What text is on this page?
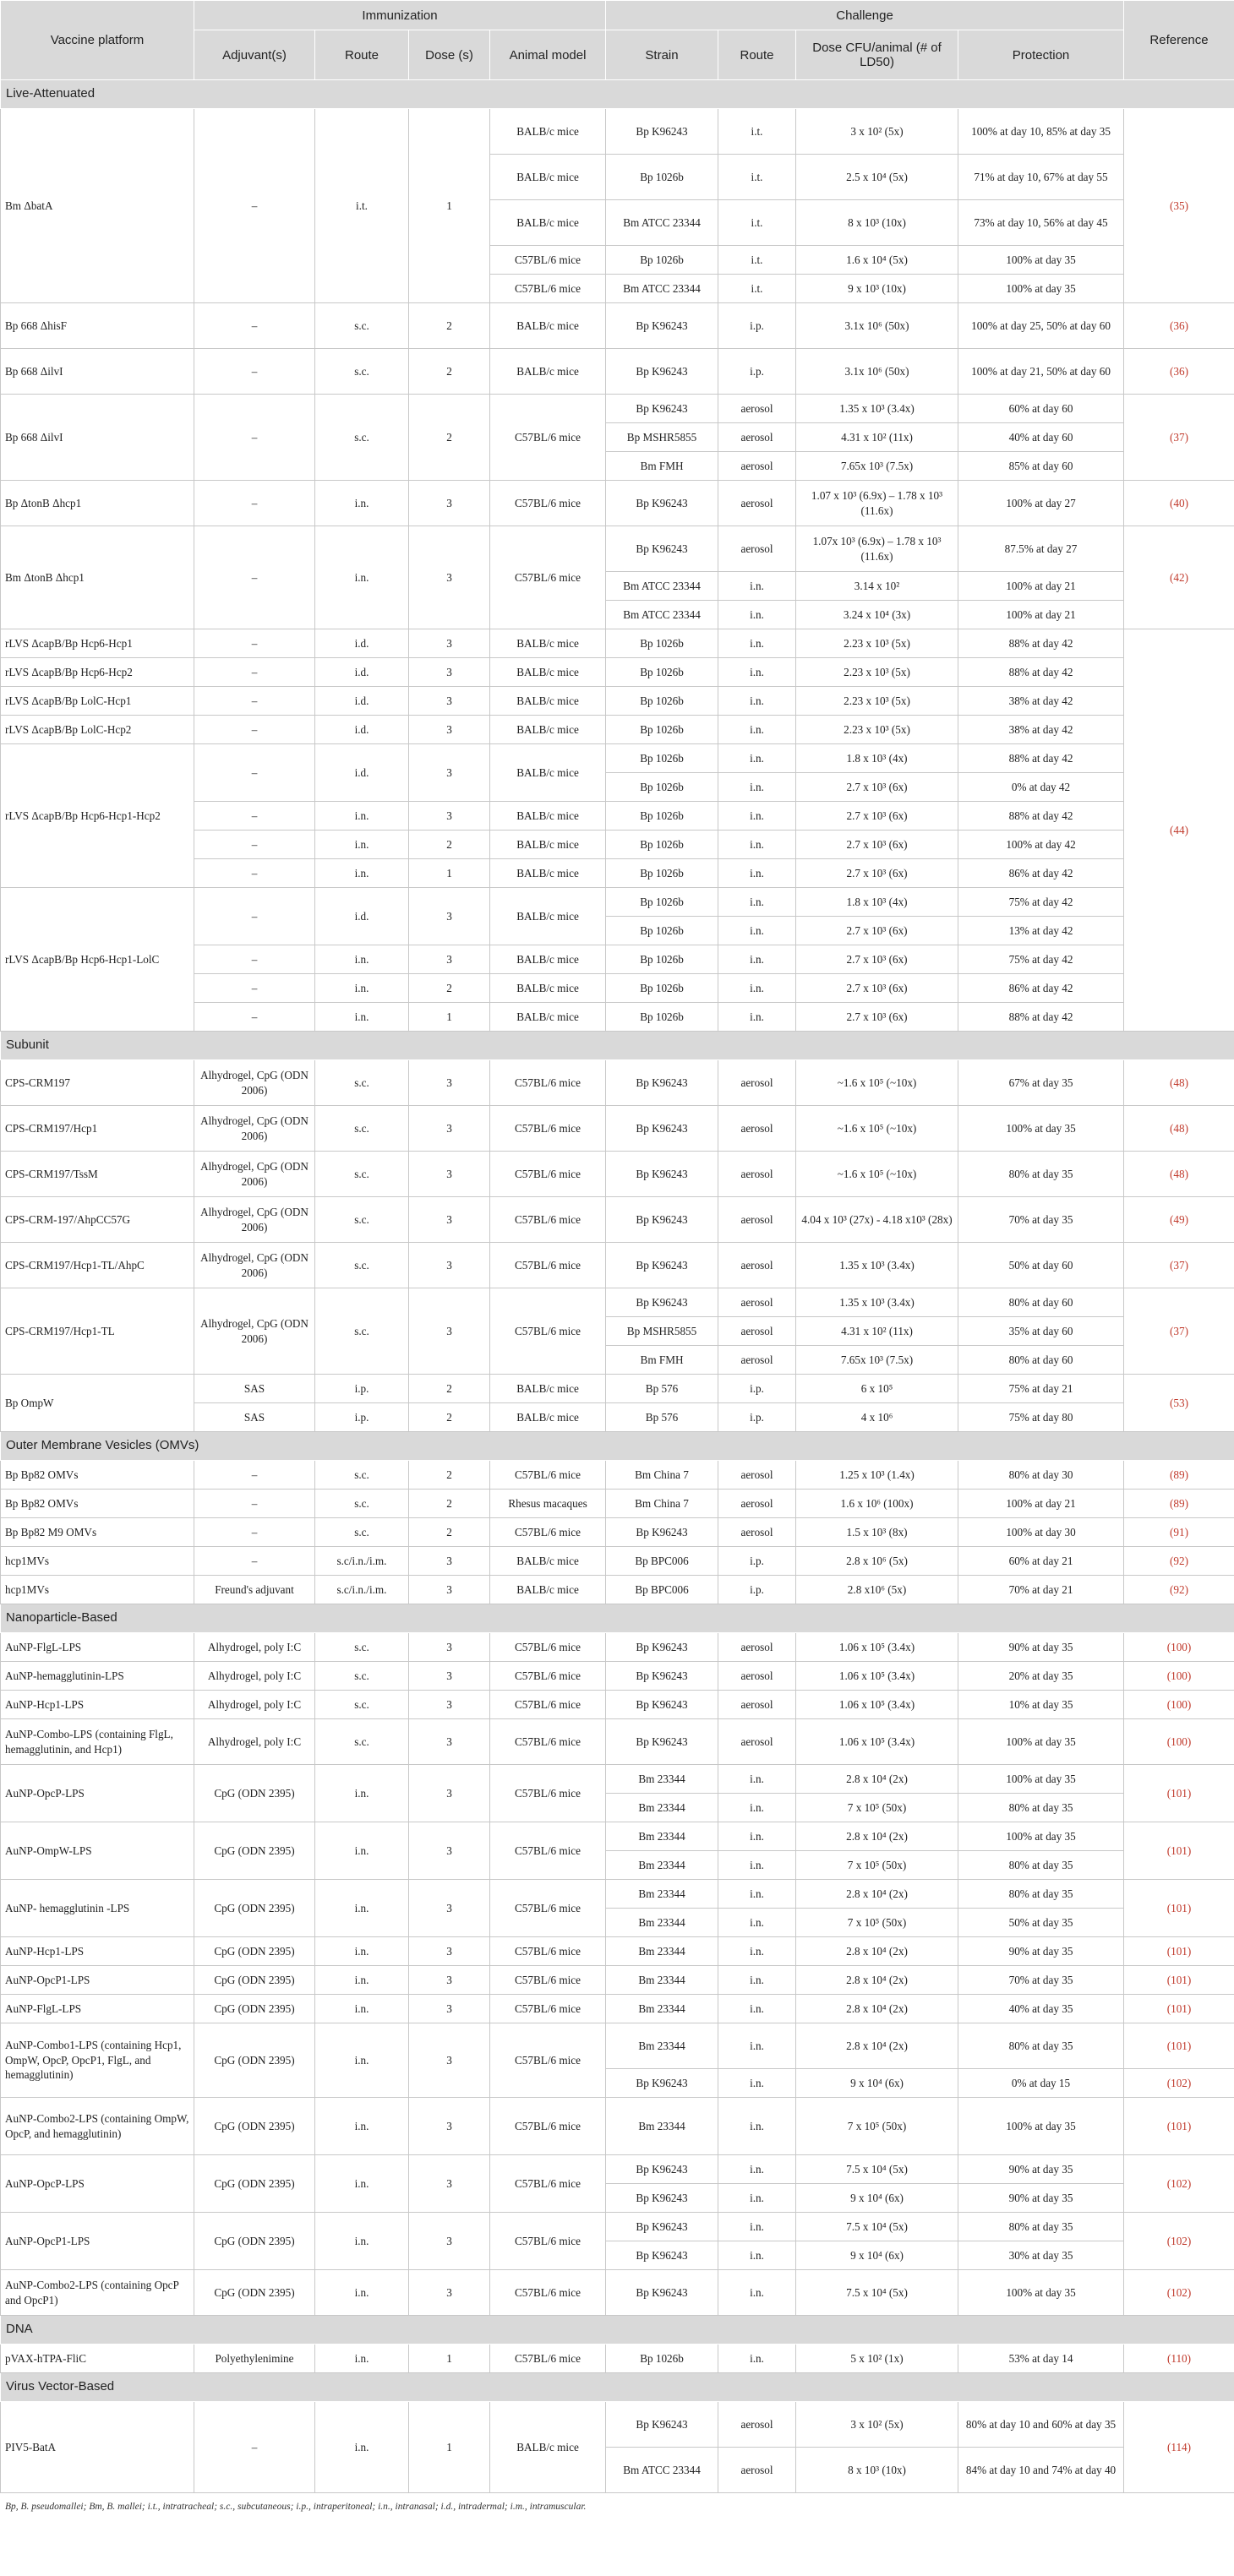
Vaccine platform	Immunization				Challenge				Reference
	Adjuvant(s)	Route	Dose (s)	Animal model	Strain	Route	Dose CFU/animal (# of LD50)	Protection	
Live-Attenuated									
Bm ΔbatA	–	i.t.	1	BALB/c mice	Bp K96243	i.t.	3 x 10² (5x)	100% at day 10, 85% at day 35	(35)
				BALB/c mice	Bp 1026b	i.t.	2.5 x 10⁴ (5x)	71% at day 10, 67% at day 55	
				BALB/c mice	Bm ATCC 23344	i.t.	8 x 10³ (10x)	73% at day 10, 56% at day 45	
				C57BL/6 mice	Bp 1026b	i.t.	1.6 x 10⁴ (5x)	100% at day 35	
				C57BL/6 mice	Bm ATCC 23344	i.t.	9 x 10³ (10x)	100% at day 35	
Bp 668 ΔhisF	–	s.c.	2	BALB/c mice	Bp K96243	i.p.	3.1x 10⁶ (50x)	100% at day 25, 50% at day 60	(36)
Bp 668 ΔilvI	–	s.c.	2	BALB/c mice	Bp K96243	i.p.	3.1x 10⁶ (50x)	100% at day 21, 50% at day 60	(36)
Bp 668 ΔilvI	–	s.c.	2	C57BL/6 mice	Bp K96243	aerosol	1.35 x 10³ (3.4x)	60% at day 60	(37)
					Bp MSHR5855	aerosol	4.31 x 10² (11x)	40% at day 60	
					Bm FMH	aerosol	7.65x 10³ (7.5x)	85% at day 60	
Bp ΔtonB Δhcp1	–	i.n.	3	C57BL/6 mice	Bp K96243	aerosol	1.07 x 10³ (6.9x) – 1.78 x 10³ (11.6x)	100% at day 27	(40)
Bm ΔtonB Δhcp1	–	i.n.	3	C57BL/6 mice	Bp K96243	aerosol	1.07x 10³ (6.9x) – 1.78 x 10³ (11.6x)	87.5% at day 27	(42)
					Bm ATCC 23344	i.n.	3.14 x 10²	100% at day 21	
					Bm ATCC 23344	i.n.	3.24 x 10⁴ (3x)	100% at day 21	
rLVS ΔcapB/Bp Hcp6-Hcp1	–	i.d.	3	BALB/c mice	Bp 1026b	i.n.	2.23 x 10³ (5x)	88% at day 42	(44)
rLVS ΔcapB/Bp Hcp6-Hcp2	–	i.d.	3	BALB/c mice	Bp 1026b	i.n.	2.23 x 10³ (5x)	88% at day 42	
rLVS ΔcapB/Bp LolC-Hcp1	–	i.d.	3	BALB/c mice	Bp 1026b	i.n.	2.23 x 10³ (5x)	38% at day 42	
rLVS ΔcapB/Bp LolC-Hcp2	–	i.d.	3	BALB/c mice	Bp 1026b	i.n.	2.23 x 10³ (5x)	38% at day 42	
rLVS ΔcapB/Bp Hcp6-Hcp1-Hcp2	–	i.d.	3	BALB/c mice	Bp 1026b	i.n.	1.8 x 10³ (4x)	88% at day 42	
					Bp 1026b	i.n.	2.7 x 10³ (6x)	0% at day 42	
	–	i.n.	3	BALB/c mice	Bp 1026b	i.n.	2.7 x 10³ (6x)	88% at day 42	
	–	i.n.	2	BALB/c mice	Bp 1026b	i.n.	2.7 x 10³ (6x)	100% at day 42	
	–	i.n.	1	BALB/c mice	Bp 1026b	i.n.	2.7 x 10³ (6x)	86% at day 42	
rLVS ΔcapB/Bp Hcp6-Hcp1-LolC	–	i.d.	3	BALB/c mice	Bp 1026b	i.n.	1.8 x 10³ (4x)	75% at day 42	
					Bp 1026b	i.n.	2.7 x 10³ (6x)	13% at day 42	
	–	i.n.	3	BALB/c mice	Bp 1026b	i.n.	2.7 x 10³ (6x)	75% at day 42	
	–	i.n.	2	BALB/c mice	Bp 1026b	i.n.	2.7 x 10³ (6x)	86% at day 42	
	–	i.n.	1	BALB/c mice	Bp 1026b	i.n.	2.7 x 10³ (6x)	88% at day 42	
Subunit									
CPS-CRM197	Alhydrogel, CpG (ODN 2006)	s.c.	3	C57BL/6 mice	Bp K96243	aerosol	~1.6 x 10⁵ (~10x)	67% at day 35	(48)
CPS-CRM197/Hcp1	Alhydrogel, CpG (ODN 2006)	s.c.	3	C57BL/6 mice	Bp K96243	aerosol	~1.6 x 10⁵ (~10x)	100% at day 35	(48)
CPS-CRM197/TssM	Alhydrogel, CpG (ODN 2006)	s.c.	3	C57BL/6 mice	Bp K96243	aerosol	~1.6 x 10⁵ (~10x)	80% at day 35	(48)
CPS-CRM-197/AhpCC57G	Alhydrogel, CpG (ODN 2006)	s.c.	3	C57BL/6 mice	Bp K96243	aerosol	4.04 x 10³ (27x) - 4.18 x10³ (28x)	70% at day 35	(49)
CPS-CRM197/Hcp1-TL/AhpC	Alhydrogel, CpG (ODN 2006)	s.c.	3	C57BL/6 mice	Bp K96243	aerosol	1.35 x 10³ (3.4x)	50% at day 60	(37)
CPS-CRM197/Hcp1-TL	Alhydrogel, CpG (ODN 2006)	s.c.	3	C57BL/6 mice	Bp K96243	aerosol	1.35 x 10³ (3.4x)	80% at day 60	(37)
					Bp MSHR5855	aerosol	4.31 x 10² (11x)	35% at day 60	
					Bm FMH	aerosol	7.65x 10³ (7.5x)	80% at day 60	
Bp OmpW	SAS	i.p.	2	BALB/c mice	Bp 576	i.p.	6 x 10⁵	75% at day 21	(53)
	SAS	i.p.	2	BALB/c mice	Bp 576	i.p.	4 x 10⁶	75% at day 80	
Outer Membrane Vesicles (OMVs)									
Bp Bp82 OMVs	–	s.c.	2	C57BL/6 mice	Bm China 7	aerosol	1.25 x 10³ (1.4x)	80% at day 30	(89)
Bp Bp82 OMVs	–	s.c.	2	Rhesus macaques	Bm China 7	aerosol	1.6 x 10⁶ (100x)	100% at day 21	(89)
Bp Bp82 M9 OMVs	–	s.c.	2	C57BL/6 mice	Bp K96243	aerosol	1.5 x 10³ (8x)	100% at day 30	(91)
hcp1MVs	–	s.c/i.n./i.m.	3	BALB/c mice	Bp BPC006	i.p.	2.8 x 10⁶ (5x)	60% at day 21	(92)
hcp1MVs	Freund's adjuvant	s.c/i.n./i.m.	3	BALB/c mice	Bp BPC006	i.p.	2.8 x10⁶ (5x)	70% at day 21	(92)
Nanoparticle-Based									
AuNP-FlgL-LPS	Alhydrogel, poly I:C	s.c.	3	C57BL/6 mice	Bp K96243	aerosol	1.06 x 10⁵ (3.4x)	90% at day 35	(100)
AuNP-hemagglutinin-LPS	Alhydrogel, poly I:C	s.c.	3	C57BL/6 mice	Bp K96243	aerosol	1.06 x 10⁵ (3.4x)	20% at day 35	(100)
AuNP-Hcp1-LPS	Alhydrogel, poly I:C	s.c.	3	C57BL/6 mice	Bp K96243	aerosol	1.06 x 10⁵ (3.4x)	10% at day 35	(100)
AuNP-Combo-LPS (containing FlgL, hemagglutinin, and Hcp1)	Alhydrogel, poly I:C	s.c.	3	C57BL/6 mice	Bp K96243	aerosol	1.06 x 10⁵ (3.4x)	100% at day 35	(100)
AuNP-OpcP-LPS	CpG (ODN 2395)	i.n.	3	C57BL/6 mice	Bm 23344	i.n.	2.8 x 10⁴ (2x)	100% at day 35	(101)
					Bm 23344	i.n.	7 x 10⁵ (50x)	80% at day 35	
AuNP-OmpW-LPS	CpG (ODN 2395)	i.n.	3	C57BL/6 mice	Bm 23344	i.n.	2.8 x 10⁴ (2x)	100% at day 35	(101)
					Bm 23344	i.n.	7 x 10⁵ (50x)	80% at day 35	
AuNP- hemagglutinin -LPS	CpG (ODN 2395)	i.n.	3	C57BL/6 mice	Bm 23344	i.n.	2.8 x 10⁴ (2x)	80% at day 35	(101)
					Bm 23344	i.n.	7 x 10⁵ (50x)	50% at day 35	
AuNP-Hcp1-LPS	CpG (ODN 2395)	i.n.	3	C57BL/6 mice	Bm 23344	i.n.	2.8 x 10⁴ (2x)	90% at day 35	(101)
AuNP-OpcP1-LPS	CpG (ODN 2395)	i.n.	3	C57BL/6 mice	Bm 23344	i.n.	2.8 x 10⁴ (2x)	70% at day 35	(101)
AuNP-FlgL-LPS	CpG (ODN 2395)	i.n.	3	C57BL/6 mice	Bm 23344	i.n.	2.8 x 10⁴ (2x)	40% at day 35	(101)
AuNP-Combo1-LPS (containing Hcp1, OmpW, OpcP, OpcP1, FlgL, and hemagglutinin)	CpG (ODN 2395)	i.n.	3	C57BL/6 mice	Bm 23344	i.n.	2.8 x 10⁴ (2x)	80% at day 35	(101)
					Bp K96243	i.n.	9 x 10⁴ (6x)	0% at day 15	(102)
AuNP-Combo2-LPS (containing OmpW, OpcP, and hemagglutinin)	CpG (ODN 2395)	i.n.	3	C57BL/6 mice	Bm 23344	i.n.	7 x 10⁵ (50x)	100% at day 35	(101)
AuNP-OpcP-LPS	CpG (ODN 2395)	i.n.	3	C57BL/6 mice	Bp K96243	i.n.	7.5 x 10⁴ (5x)	90% at day 35	(102)
					Bp K96243	i.n.	9 x 10⁴ (6x)	90% at day 35	
AuNP-OpcP1-LPS	CpG (ODN 2395)	i.n.	3	C57BL/6 mice	Bp K96243	i.n.	7.5 x 10⁴ (5x)	80% at day 35	(102)
					Bp K96243	i.n.	9 x 10⁴ (6x)	30% at day 35	
AuNP-Combo2-LPS (containing OpcP and OpcP1)	CpG (ODN 2395)	i.n.	3	C57BL/6 mice	Bp K96243	i.n.	7.5 x 10⁴ (5x)	100% at day 35	(102)
DNA									
pVAX-hTPA-FliC	Polyethylenimine	i.n.	1	C57BL/6 mice	Bp 1026b	i.n.	5 x 10² (1x)	53% at day 14	(110)
Virus Vector-Based									
PIV5-BatA	–	i.n.	1	BALB/c mice	Bp K96243	aerosol	3 x 10² (5x)	80% at day 10 and 60% at day 35	(114)
					Bm ATCC 23344	aerosol	8 x 10³ (10x)	84% at day 10 and 74% at day 40	
Bp, B. pseudomallei; Bm, B. mallei; i.t., intratracheal; s.c., subcutaneous; i.p., intraperitoneal; i.n., intranasal; i.d., intradermal; i.m., intramuscular.
